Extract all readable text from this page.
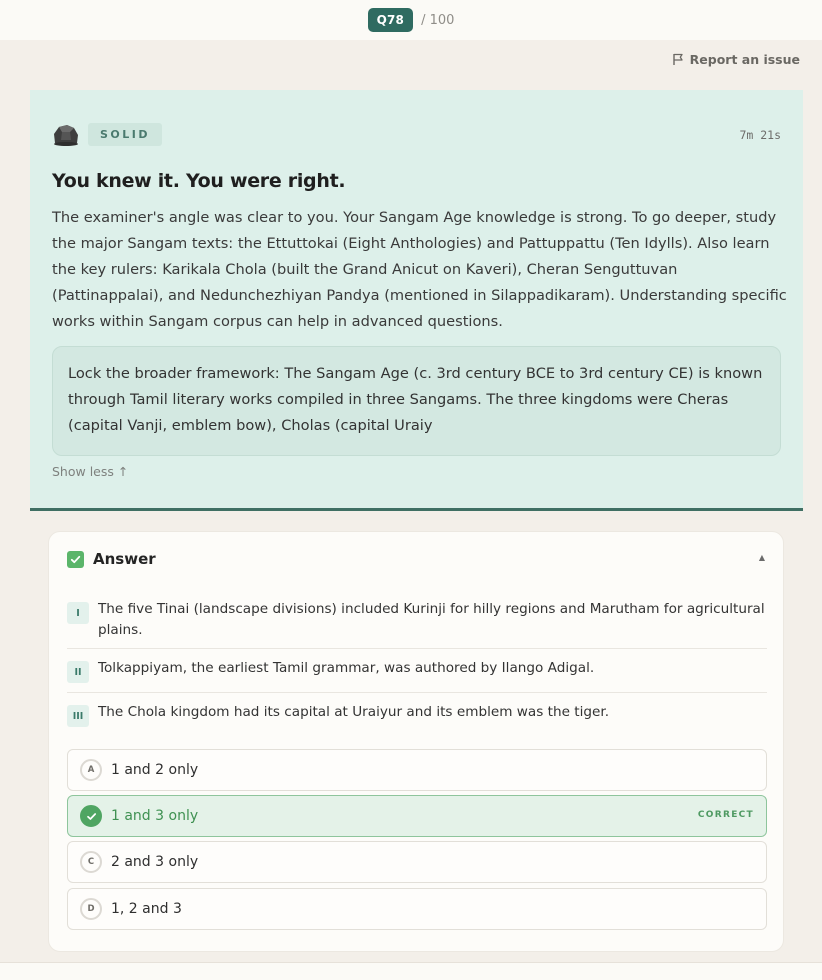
Q78	/ 100
Report an issue
SOLID	7m 21s
You knew it. You were right.

The examiner's angle was clear to you. Your Sangam Age knowledge is strong. To go deeper, study the major Sangam texts: the Ettuttokai (Eight Anthologies) and Pattuppattu (Ten Idylls). Also learn the key rulers: Karikala Chola (built the Grand Anicut on Kaveri), Cheran Senguttuvan (Pattinappalai), and Nedunchezhiyan Pandya (mentioned in Silappadikaram). Understanding specific works within Sangam corpus can help in advanced questions.

Lock the broader framework: The Sangam Age (c. 3rd century BCE to 3rd century CE) is known through Tamil literary works compiled in three Sangams. The three kingdoms were Cheras (capital Vanji, emblem bow), Cholas (capital Uraiy
Show less ↑
Answer	▲
I	The five Tinai (landscape divisions) included Kurinji for hilly regions and Marutham for agricultural plains.
II	Tolkappiyam, the earliest Tamil grammar, was authored by Ilango Adigal.
III	The Chola kingdom had its capital at Uraiyur and its emblem was the tiger.
A	1 and 2 only
1 and 3 only	CORRECT
C	2 and 3 only
D	1, 2 and 3
